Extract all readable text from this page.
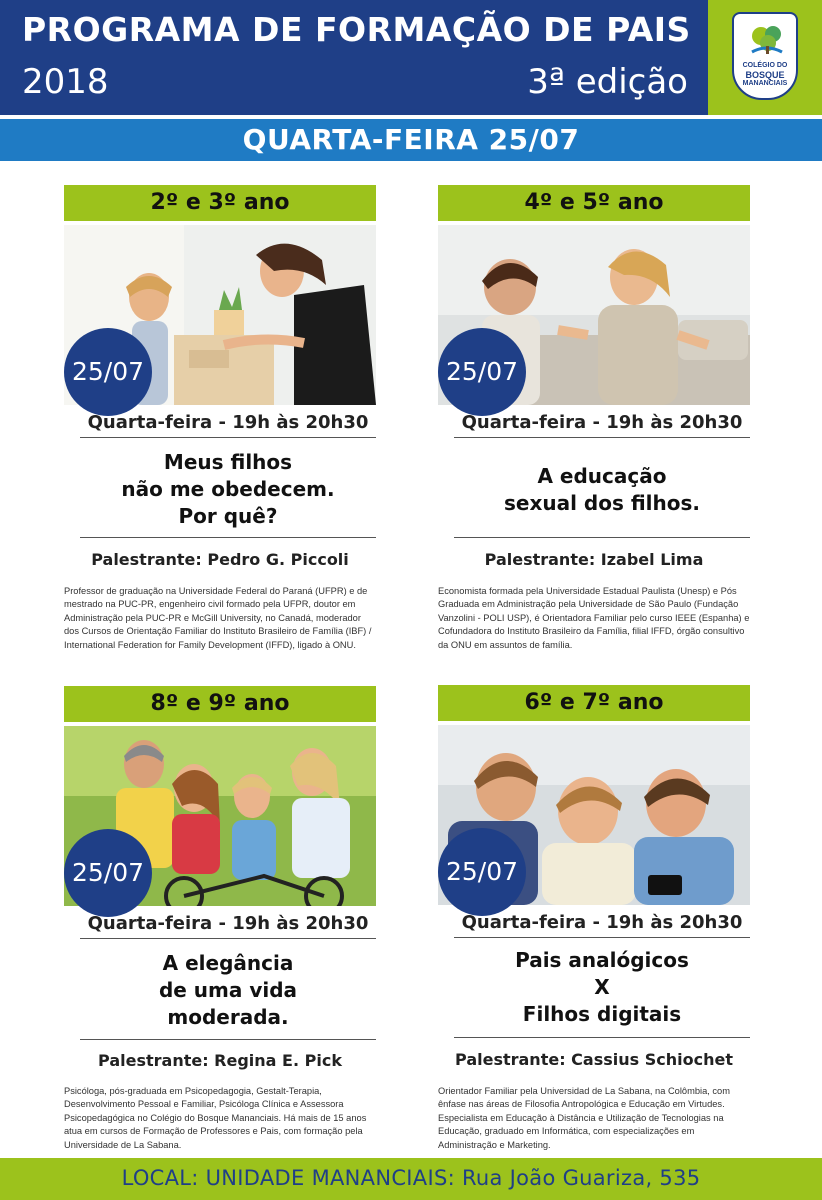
PROGRAMA DE FORMAÇÃO DE PAIS
2018	3ª edição	COLÉGIO DO
BOSQUE
MANANCIAIS
QUARTA-FEIRA 25/07
2º e 3º ano
25/07
Quarta-feira - 19h às 20h30
Meus filhos
não me obedecem.
Por quê?
Palestrante: Pedro G. Piccoli
Professor de graduação na Universidade Federal do Paraná (UFPR) e de mestrado na PUC-PR, engenheiro civil formado pela UFPR, doutor em Administração pela PUC-PR e McGill University, no Canadá, moderador dos Cursos de Orientação Familiar do Instituto Brasileiro de Família (IBF) / International Federation for Family Development (IFFD), ligado à ONU.
4º e 5º ano
25/07
Quarta-feira - 19h às 20h30
A educação
sexual dos filhos.
Palestrante: Izabel Lima
Economista formada pela Universidade Estadual Paulista (Unesp) e Pós Graduada em Administração pela Universidade de São Paulo (Fundação Vanzolini - POLI USP), é Orientadora Familiar pelo curso IEEE (Espanha) e Cofundadora do Instituto Brasileiro da Família, filial IFFD, órgão consultivo da ONU em assuntos de família.
8º e 9º ano
25/07
Quarta-feira - 19h às 20h30
A elegância
de uma vida
moderada.
Palestrante: Regina E. Pick
Psicóloga, pós-graduada em Psicopedagogia, Gestalt-Terapia, Desenvolvimento Pessoal e Familiar, Psicóloga Clínica e Assessora Psicopedagógica no Colégio do Bosque Mananciais. Há mais de 15 anos atua em cursos de Formação de Professores e Pais, com formação pela Universidade de La Sabana.
6º e 7º ano
25/07
Quarta-feira - 19h às 20h30
Pais analógicos
X
Filhos digitais
Palestrante: Cassius Schiochet
Orientador Familiar pela Universidad de La Sabana, na Colômbia, com ênfase nas áreas de Filosofia Antropológica e Educação em Virtudes. Especialista em Educação à Distância e Utilização de Tecnologias na Educação, graduado em Informática, com especializações em Administração e Marketing.
LOCAL: UNIDADE MANANCIAIS: Rua João Guariza, 535
